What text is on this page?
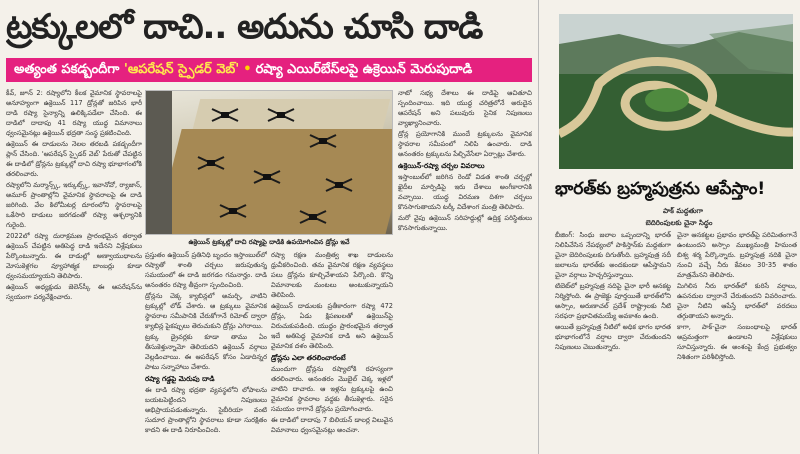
ట్రక్కులలో దాచి.. అదును చూసి దాడి
అత్యంత పకడ్బందీగా 'ఆపరేషన్ స్పైడర్ వెబ్' • రష్యా ఎయిర్‌బేస్‌లపై ఉక్రెయిన్ మెరుపుదాడి

కీవ్, జూన్ 2: రష్యాలోని కీలక వైమానిక స్థావరాలపై అనూహ్యంగా ఉక్రెయిన్ 117 డ్రోన్లతో జరిపిన భారీ దాడి రష్యా సైన్యాన్ని ఉలిక్కిపడేలా చేసింది. ఈ దాడిలో దాదాపు 41 రష్యా యుద్ధ విమానాలు ధ్వంసమైనట్లు ఉక్రెయిన్ భద్రతా సంస్థ ప్రకటించింది.

ఉక్రెయిన్ ఈ దాడులను నెలల తరబడి పకడ్బందీగా ప్లాన్ చేసింది. 'ఆపరేషన్ స్పైడర్ వెబ్' పేరుతో చేపట్టిన ఈ దాడిలో డ్రోన్లను ట్రక్కుల్లో దాచి రష్యా భూభాగంలోకి తరలించారు.

రష్యాలోని మర్మాన్స్క్, ఇర్కుట్స్క్, ఇవానోవో, ర్యాజాన్, అమూర్ ప్రాంతాల్లోని వైమానిక స్థావరాలపై ఈ దాడి జరిగింది. వేల కిలోమీటర్ల దూరంలోని స్థావరాలపై ఒకేసారి దాడులు జరగడంతో రష్యా ఆశ్చర్యానికి గురైంది.

2022లో రష్యా దురాక్రమణ ప్రారంభమైన తర్వాత ఉక్రెయిన్ చేపట్టిన అతిపెద్ద దాడి ఇదేనని విశ్లేషకులు పేర్కొంటున్నారు. ఈ దాడుల్లో అణ్వాయుధాలను మోసుకెళ్లగల వ్యూహాత్మక బాంబర్లు కూడా ధ్వంసమయ్యాయని తెలిపారు.

ఉక్రెయిన్ అధ్యక్షుడు జెలెన్‌స్కీ ఈ ఆపరేషన్‌ను స్వయంగా పర్యవేక్షించారు.

ఉక్రెయిన్ ట్రక్కుల్లో దాచి రష్యాపై దాడికి ఉపయోగించిన డ్రోన్లు ఇవే

ప్రస్తుతం ఉక్రెయిన్ ప్రతినిధి బృందం ఇస్తాంబుల్‌లో రష్యాతో శాంతి చర్చలు జరుపుతున్న సమయంలో ఈ దాడి జరగడం గమనార్హం. దాడి అనంతరం రష్యా తీవ్రంగా స్పందించింది.

డ్రోన్లను చెక్క క్యాబిన్లలో అమర్చి, వాటిని ట్రక్కుల్లో లోడ్ చేశారు. ఆ ట్రక్కులు వైమానిక స్థావరాల సమీపానికి చేరుకోగానే రిమోట్ ద్వారా క్యాబిన్ల పైకప్పులు తెరుచుకుని డ్రోన్లు ఎగిరాయి.

ట్రక్కు డ్రైవర్లకు కూడా తాము ఏం తీసుకెళ్తున్నామో తెలియదని ఉక్రెయిన్ వర్గాలు వెల్లడించాయి. ఈ ఆపరేషన్ కోసం ఏడాదిన్నర పాటు సన్నాహాలు చేశారు.

రష్యా గడ్డపై మెరుపు దాడి

ఈ దాడి రష్యా భద్రతా వ్యవస్థలోని లోపాలను బయటపెట్టిందని నిపుణులు అభిప్రాయపడుతున్నారు. సైబీరియా వంటి సుదూర ప్రాంతాల్లోని స్థావరాలు కూడా సురక్షితం కాదని ఈ దాడి నిరూపించింది.

రష్యా రక్షణ మంత్రిత్వ శాఖ దాడులను ధ్రువీకరించింది. తమ వైమానిక రక్షణ వ్యవస్థలు పలు డ్రోన్లను కూల్చివేశాయని పేర్కొంది. కొన్ని విమానాలకు మంటలు అంటుకున్నాయని తెలిపింది.

ఉక్రెయిన్ దాడులకు ప్రతీకారంగా రష్యా 472 డ్రోన్లు, ఏడు క్షిపణులతో ఉక్రెయిన్‌పై విరుచుకుపడింది. యుద్ధం ప్రారంభమైన తర్వాత ఇదే అతిపెద్ద వైమానిక దాడి అని ఉక్రెయిన్ వైమానిక దళం తెలిపింది.

డ్రోన్లను ఎలా తరలించారంటే

ముందుగా డ్రోన్లను రష్యాలోకి రహస్యంగా తరలించారు. అనంతరం మొబైల్ చెక్క ఇళ్లలో వాటిని దాచారు. ఆ ఇళ్లను ట్రక్కులపై ఉంచి వైమానిక స్థావరాల వద్దకు తీసుకెళ్లారు. సరైన సమయం రాగానే డ్రోన్లను ప్రయోగించారు.

ఈ దాడిలో దాదాపు 7 బిలియన్ డాలర్ల విలువైన విమానాలు ధ్వంసమైనట్లు అంచనా.

నాటో సభ్య దేశాలు ఈ దాడిపై ఆచితూచి స్పందించాయి. ఇది యుద్ధ చరిత్రలోనే అరుదైన ఆపరేషన్ అని పలువురు సైనిక నిపుణులు వ్యాఖ్యానించారు.

డ్రోన్ల ప్రయోగానికి ముందే ట్రక్కులను వైమానిక స్థావరాల సమీపంలో నిలిపి ఉంచారు. దాడి అనంతరం ట్రక్కులను పేల్చివేసేలా ఏర్పాట్లు చేశారు.

ఉక్రెయిన్-రష్యా చర్చల వివరాలు

ఇస్తాంబుల్‌లో జరిగిన రెండో విడత శాంతి చర్చల్లో ఖైదీల మార్పిడిపై ఇరు దేశాలు అంగీకారానికి వచ్చాయి. యుద్ధ విరమణ దిశగా చర్చలు కొనసాగుతాయని టర్కీ విదేశాంగ మంత్రి తెలిపారు.

మరో వైపు ఉక్రెయిన్ సరిహద్దుల్లో ఉద్రిక్త పరిస్థితులు కొనసాగుతున్నాయి.

భారత్‌కు బ్రహ్మపుత్రను ఆపేస్తాం!
పాక్ మద్దతుగా
బెదిరింపులకు చైనా సిద్ధం

బీజింగ్: సింధు జలాల ఒప్పందాన్ని భారత్ నిలిపివేసిన నేపథ్యంలో పాకిస్తాన్‌కు మద్దతుగా చైనా బెదిరింపులకు దిగుతోంది. బ్రహ్మపుత్ర నదీ జలాలను భారత్‌కు అందకుండా ఆపేస్తామని చైనా వర్గాలు హెచ్చరిస్తున్నాయి.

టిబెట్‌లో బ్రహ్మపుత్ర నదిపై చైనా భారీ ఆనకట్ట నిర్మిస్తోంది. ఈ ప్రాజెక్టు పూర్తయితే భారత్‌లోని అస్సాం, అరుణాచల్ ప్రదేశ్ రాష్ట్రాలకు నీటి సరఫరా ప్రభావితమయ్యే అవకాశం ఉంది.

అయితే బ్రహ్మపుత్ర నీటిలో అధిక భాగం భారత భూభాగంలోనే వర్షాల ద్వారా చేరుతుందని నిపుణులు చెబుతున్నారు.

చైనా ఆనకట్టల ప్రభావం భారత్‌పై పరిమితంగానే ఉంటుందని అస్సాం ముఖ్యమంత్రి హిమంత బిశ్వ శర్మ పేర్కొన్నారు. బ్రహ్మపుత్ర నదికి చైనా నుంచి వచ్చే నీరు కేవలం 30-35 శాతం మాత్రమేనని తెలిపారు.

మిగిలిన నీరు భారత్‌లో కురిసే వర్షాలు, ఉపనదుల ద్వారానే చేరుతుందని వివరించారు. చైనా నీటిని ఆపేస్తే భారత్‌లో వరదలు తగ్గుతాయని అన్నారు.

కాగా, పాక్-చైనా సంబంధాలపై భారత్ అప్రమత్తంగా ఉండాలని విశ్లేషకులు సూచిస్తున్నారు. ఈ అంశంపై కేంద్ర ప్రభుత్వం నిశితంగా పరిశీలిస్తోంది.
